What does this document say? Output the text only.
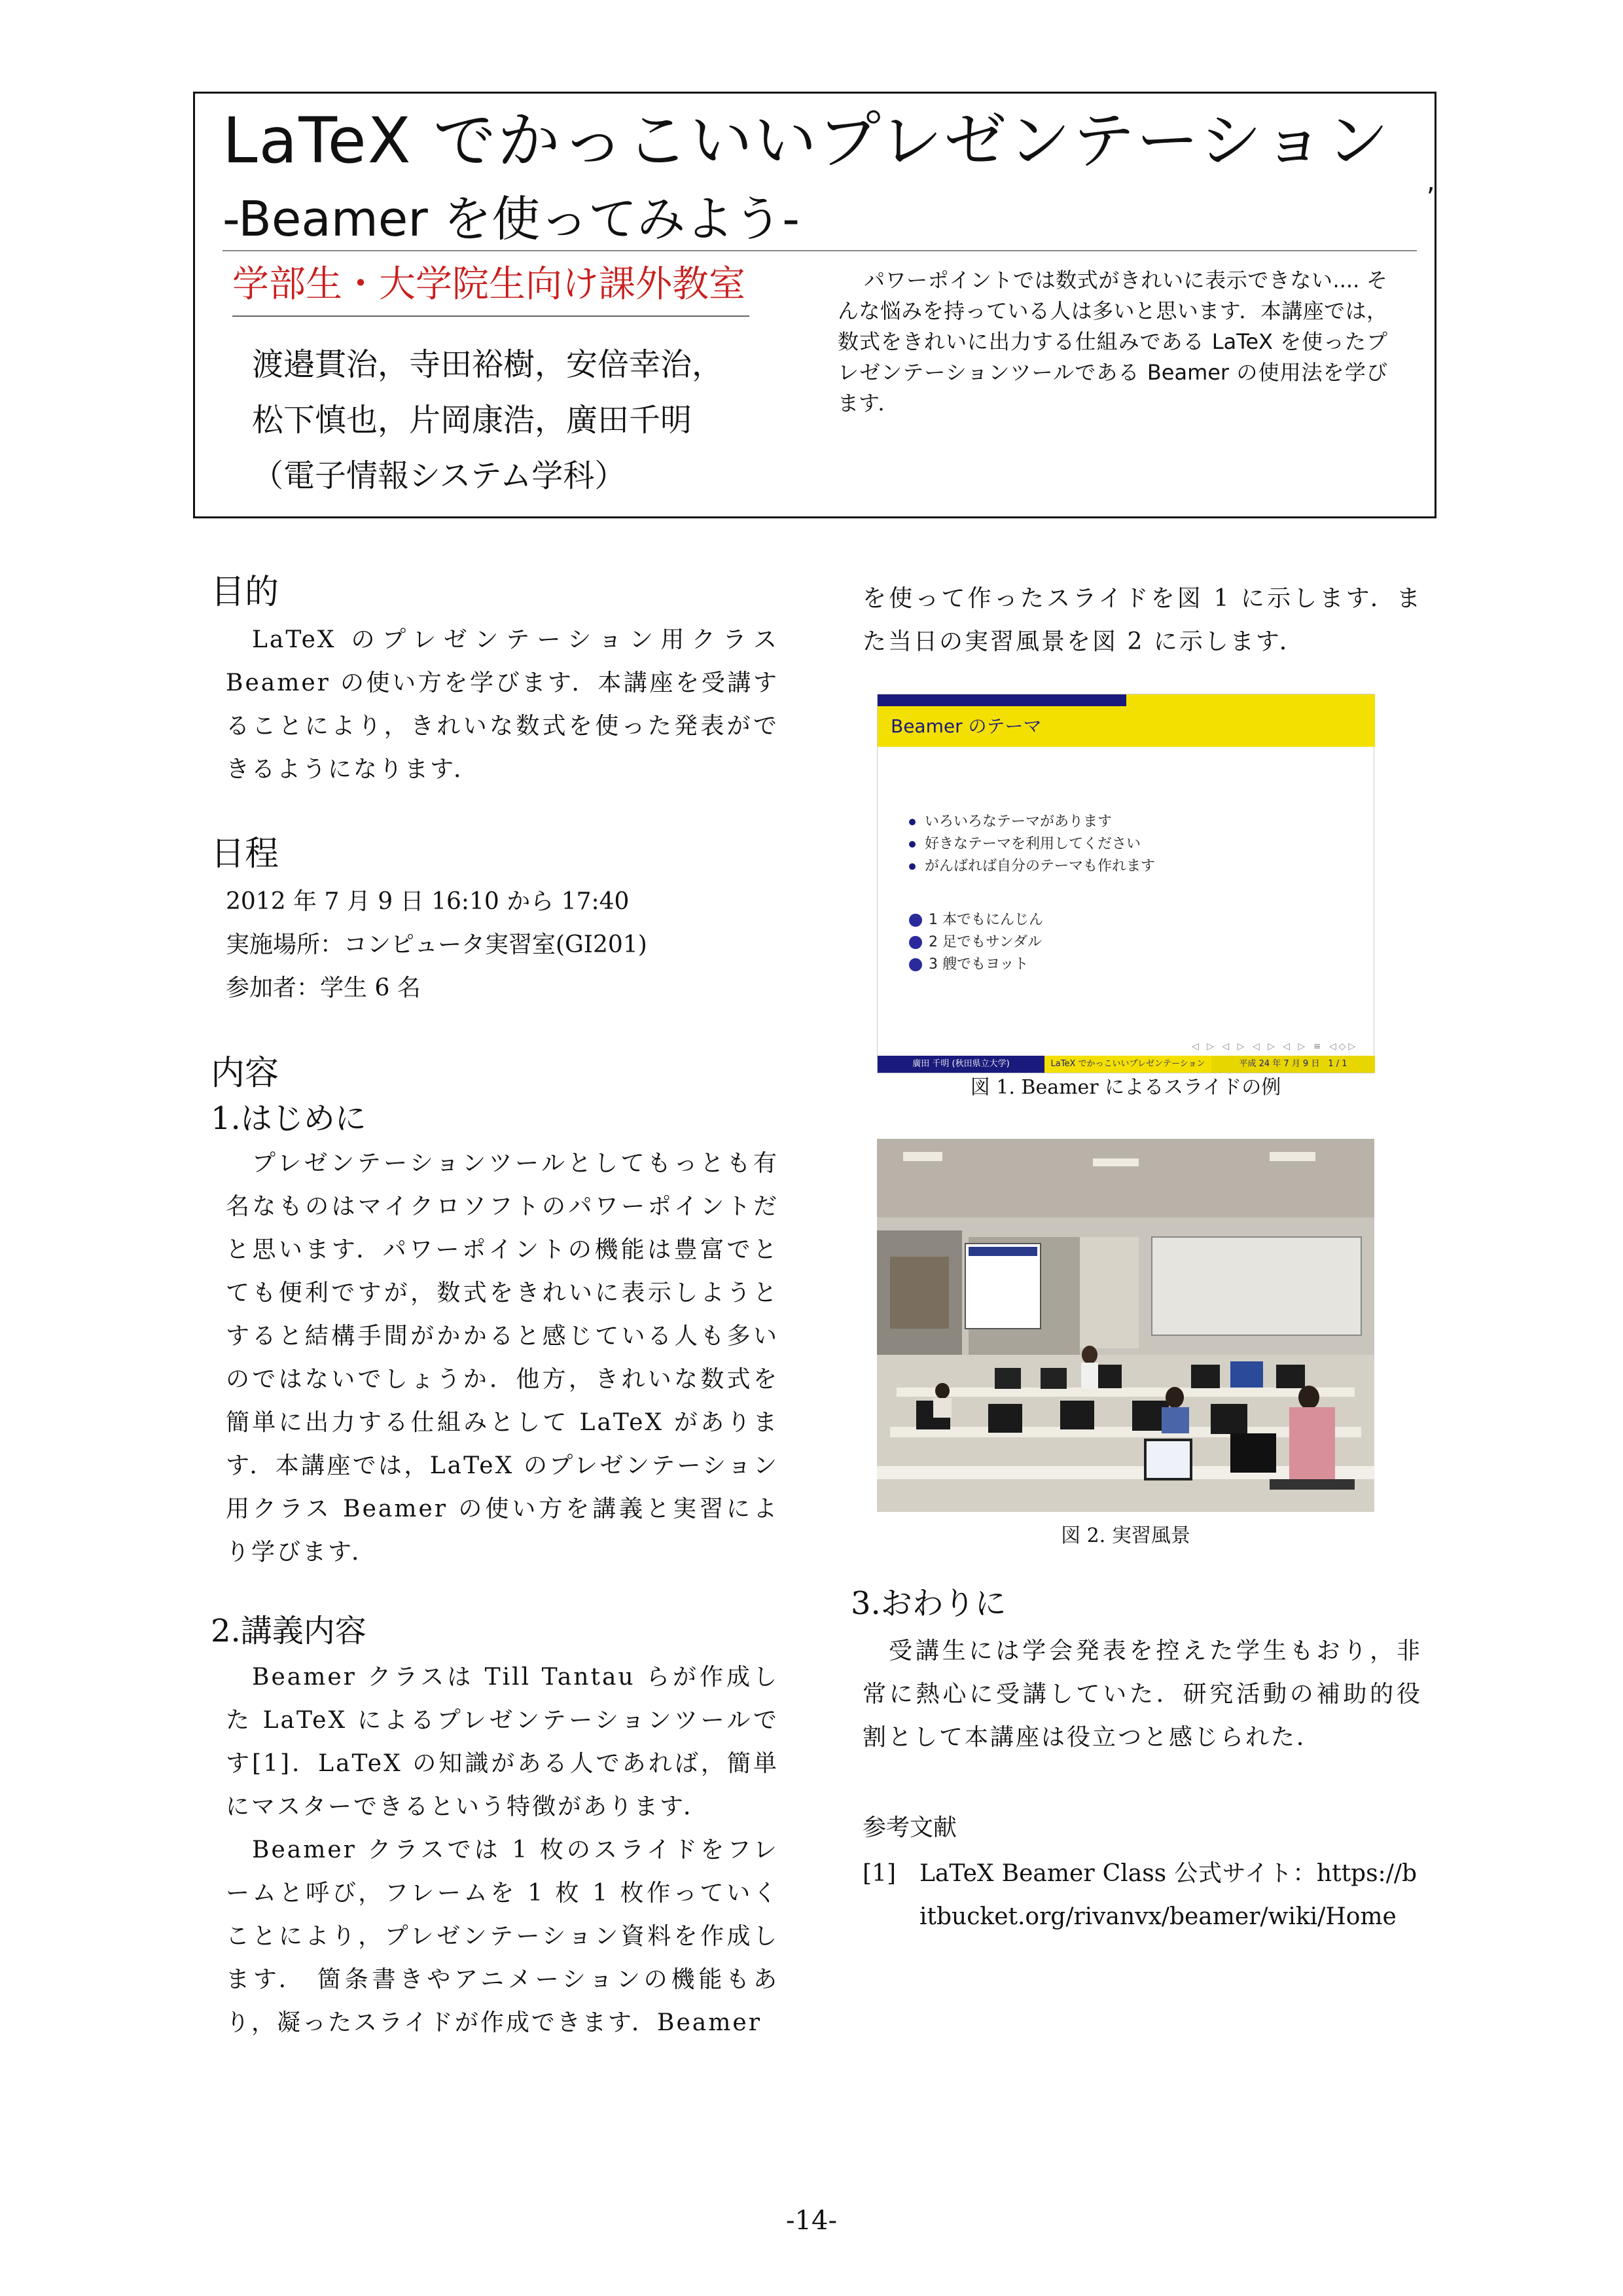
LaTeX でかっこいいプレゼンテーション
-Beamer を使ってみよう-
,
学部生・大学院生向け課外教室
渡邉貫治，寺田裕樹，安倍幸治，
松下慎也，片岡康浩，廣田千明
（電子情報システム学科）
パワーポイントでは数式がきれいに表示できない.... そんな悩みを持っている人は多いと思います．本講座では，数式をきれいに出力する仕組みである LaTeX を使ったプレゼンテーションツールである Beamer の使用法を学びます．
目的
LaTeX のプレゼンテーション用クラス Beamer の使い方を学びます．本講座を受講することにより，きれいな数式を使った発表ができるようになります．
日程
2012 年 7 月 9 日 16:10 から 17:40
実施場所：コンピュータ実習室(GI201)
参加者：学生 6 名
内容
1.はじめに
プレゼンテーションツールとしてもっとも有名なものはマイクロソフトのパワーポイントだと思います．パワーポイントの機能は豊富でとても便利ですが，数式をきれいに表示しようとすると結構手間がかかると感じている人も多いのではないでしょうか．他方，きれいな数式を簡単に出力する仕組みとして LaTeX があります．本講座では，LaTeX のプレゼンテーション用クラス Beamer の使い方を講義と実習により学びます．
2.講義内容

Beamer クラスは Till Tantau らが作成した LaTeX によるプレゼンテーションツールです[1]．LaTeX の知識がある人であれば，簡単にマスターできるという特徴があります．

Beamer クラスでは 1 枚のスライドをフレームと呼び，フレームを 1 枚 1 枚作っていくことにより，プレゼンテーション資料を作成します． 箇条書きやアニメーションの機能もあり，凝ったスライドが作成できます．Beamer

を使って作ったスライドを図 1 に示します．また当日の実習風景を図 2 に示します．
Beamer のテーマ
いろいろなテーマがあります
好きなテーマを利用してください
がんばれば自分のテーマも作れます
1 本でもにんじん
2 足でもサンダル
3 艘でもヨット
◁ ▷ ◁ ▷ ◁ ▷ ◁ ▷ ≡ ◁◇▷
廣田 千明 (秋田県立大学)	LaTeX でかっこいいプレゼンテーション	平成 24 年 7 月 9 日　1 / 1
図 1. Beamer によるスライドの例
図 2. 実習風景
3.おわりに
受講生には学会発表を控えた学生もおり，非常に熱心に受講していた．研究活動の補助的役割として本講座は役立つと感じられた．
参考文献
[1] LaTeX Beamer Class 公式サイト：https://bitbucket.org/rivanvx/beamer/wiki/Home
-14-
